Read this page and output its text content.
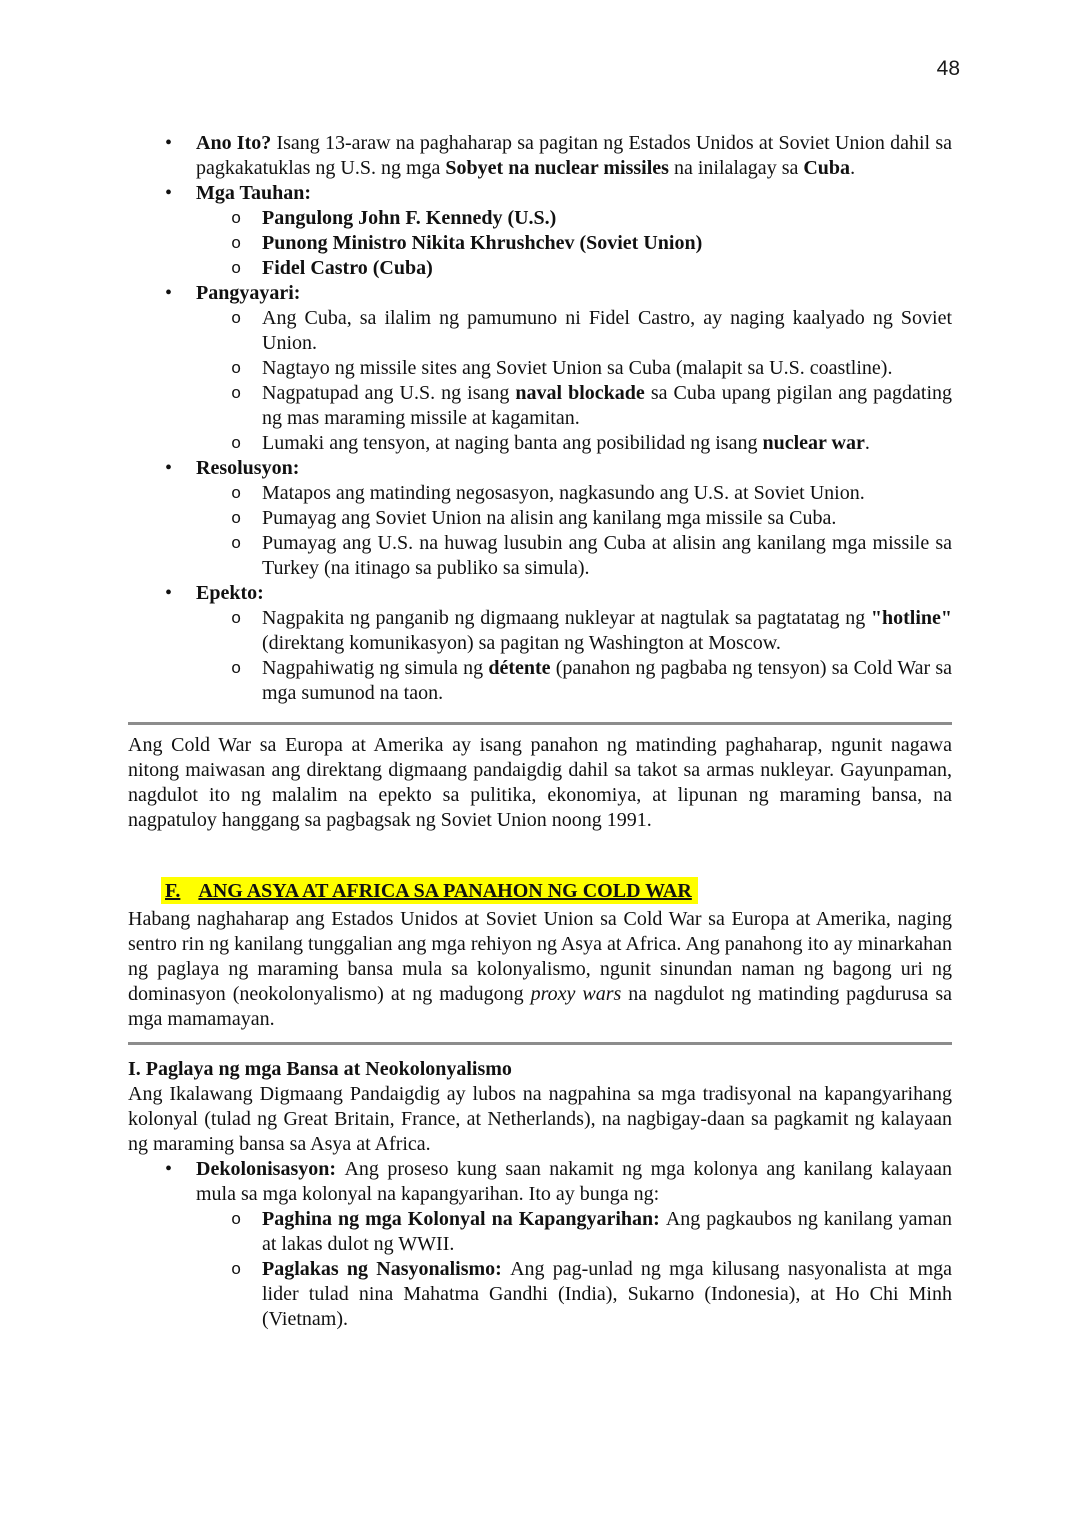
48
• Ano Ito? Isang 13-araw na paghaharap sa pagitan ng Estados Unidos at Soviet Union dahil sa pagkakatuklas ng U.S. ng mga Sobyet na nuclear missiles na inilalagay sa Cuba.
• Mga Tauhan:
o Pangulong John F. Kennedy (U.S.)
o Punong Ministro Nikita Khrushchev (Soviet Union)
o Fidel Castro (Cuba)
• Pangyayari:
o Ang Cuba, sa ilalim ng pamumuno ni Fidel Castro, ay naging kaalyado ng Soviet Union.
o Nagtayo ng missile sites ang Soviet Union sa Cuba (malapit sa U.S. coastline).
o Nagpatupad ang U.S. ng isang naval blockade sa Cuba upang pigilan ang pagdating ng mas maraming missile at kagamitan.
o Lumaki ang tensyon, at naging banta ang posibilidad ng isang nuclear war.
• Resolusyon:
o Matapos ang matinding negosasyon, nagkasundo ang U.S. at Soviet Union.
o Pumayag ang Soviet Union na alisin ang kanilang mga missile sa Cuba.
o Pumayag ang U.S. na huwag lusubin ang Cuba at alisin ang kanilang mga missile sa Turkey (na itinago sa publiko sa simula).
• Epekto:
o Nagpakita ng panganib ng digmaang nukleyar at nagtulak sa pagtatatag ng "hotline" (direktang komunikasyon) sa pagitan ng Washington at Moscow.
o Nagpahiwatig ng simula ng détente (panahon ng pagbaba ng tensyon) sa Cold War sa mga sumunod na taon.
Ang Cold War sa Europa at Amerika ay isang panahon ng matinding paghaharap, ngunit nagawa nitong maiwasan ang direktang digmaang pandaigdig dahil sa takot sa armas nukleyar. Gayunpaman, nagdulot ito ng malalim na epekto sa pulitika, ekonomiya, at lipunan ng maraming bansa, na nagpatuloy hanggang sa pagbagsak ng Soviet Union noong 1991.
F. ANG ASYA AT AFRICA SA PANAHON NG COLD WAR
Habang naghaharap ang Estados Unidos at Soviet Union sa Cold War sa Europa at Amerika, naging sentro rin ng kanilang tunggalian ang mga rehiyon ng Asya at Africa. Ang panahong ito ay minarkahan ng paglaya ng maraming bansa mula sa kolonyalismo, ngunit sinundan naman ng bagong uri ng dominasyon (neokolonyalismo) at ng madugong proxy wars na nagdulot ng matinding pagdurusa sa mga mamamayan.
I. Paglaya ng mga Bansa at Neokolonyalismo
Ang Ikalawang Digmaang Pandaigdig ay lubos na nagpahina sa mga tradisyonal na kapangyarihang kolonyal (tulad ng Great Britain, France, at Netherlands), na nagbigay-daan sa pagkamit ng kalayaan ng maraming bansa sa Asya at Africa.
• Dekolonisasyon: Ang proseso kung saan nakamit ng mga kolonya ang kanilang kalayaan mula sa mga kolonyal na kapangyarihan. Ito ay bunga ng:
o Paghina ng mga Kolonyal na Kapangyarihan: Ang pagkaubos ng kanilang yaman at lakas dulot ng WWII.
o Paglakas ng Nasyonalismo: Ang pag-unlad ng mga kilusang nasyonalista at mga lider tulad nina Mahatma Gandhi (India), Sukarno (Indonesia), at Ho Chi Minh (Vietnam).
